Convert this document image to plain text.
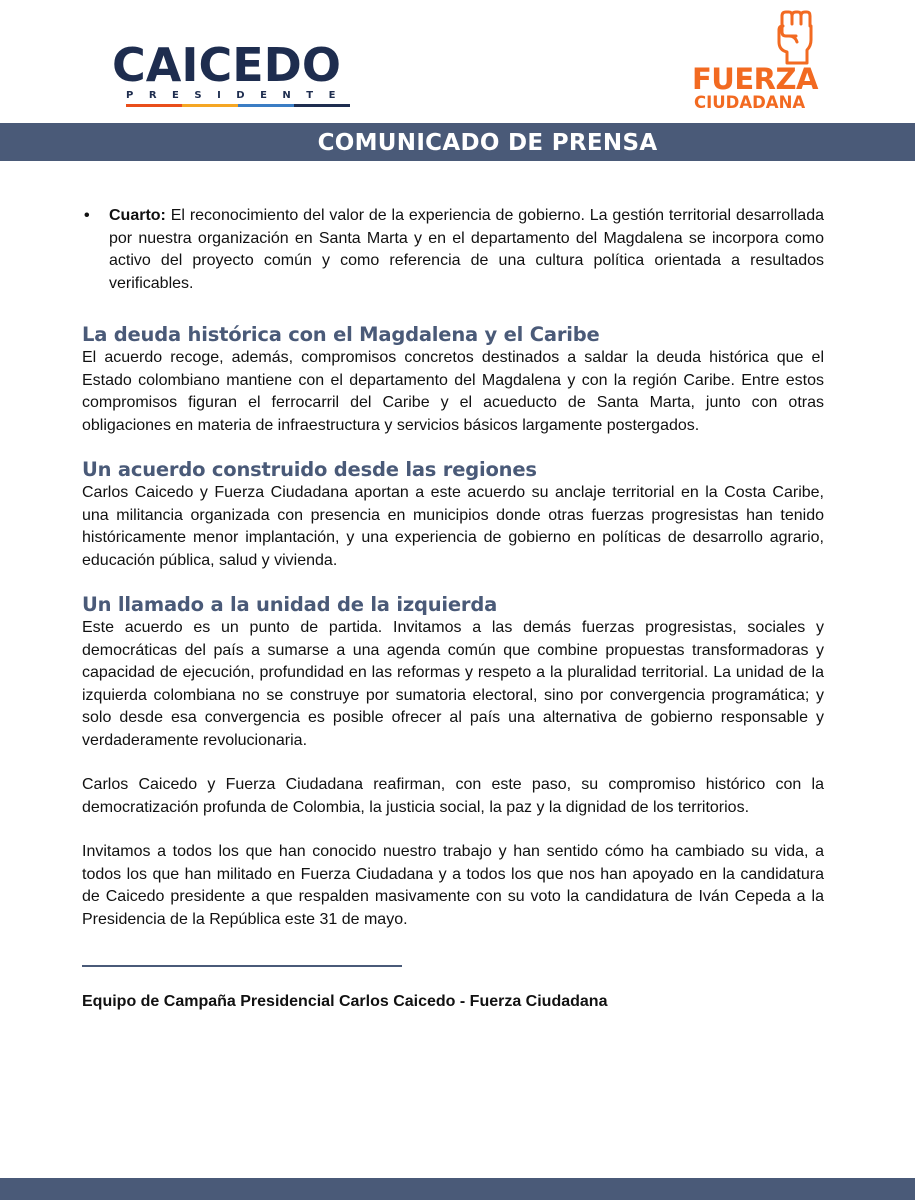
CAICEDO
PRESIDENTE	FUERZA
CIUDADANA
COMUNICADO DE PRENSA
• Cuarto: El reconocimiento del valor de la experiencia de gobierno. La gestión territorial desarrollada por nuestra organización en Santa Marta y en el departamento del Magdalena se incorpora como activo del proyecto común y como referencia de una cultura política orientada a resultados verificables.
La deuda histórica con el Magdalena y el Caribe

El acuerdo recoge, además, compromisos concretos destinados a saldar la deuda histórica que el Estado colombiano mantiene con el departamento del Magdalena y con la región Caribe. Entre estos compromisos figuran el ferrocarril del Caribe y el acueducto de Santa Marta, junto con otras obligaciones en materia de infraestructura y servicios básicos largamente postergados.

Un acuerdo construido desde las regiones

Carlos Caicedo y Fuerza Ciudadana aportan a este acuerdo su anclaje territorial en la Costa Caribe, una militancia organizada con presencia en municipios donde otras fuerzas progresistas han tenido históricamente menor implantación, y una experiencia de gobierno en políticas de desarrollo agrario, educación pública, salud y vivienda.

Un llamado a la unidad de la izquierda

Este acuerdo es un punto de partida. Invitamos a las demás fuerzas progresistas, sociales y democráticas del país a sumarse a una agenda común que combine propuestas transformadoras y capacidad de ejecución, profundidad en las reformas y respeto a la pluralidad territorial. La unidad de la izquierda colombiana no se construye por sumatoria electoral, sino por convergencia programática; y solo desde esa convergencia es posible ofrecer al país una alternativa de gobierno responsable y verdaderamente revolucionaria.

Carlos Caicedo y Fuerza Ciudadana reafirman, con este paso, su compromiso histórico con la democratización profunda de Colombia, la justicia social, la paz y la dignidad de los territorios.

Invitamos a todos los que han conocido nuestro trabajo y han sentido cómo ha cambiado su vida, a todos los que han militado en Fuerza Ciudadana y a todos los que nos han apoyado en la candidatura de Caicedo presidente a que respalden masivamente con su voto la candidatura de Iván Cepeda a la Presidencia de la República este 31 de mayo.

Equipo de Campaña Presidencial Carlos Caicedo - Fuerza Ciudadana
